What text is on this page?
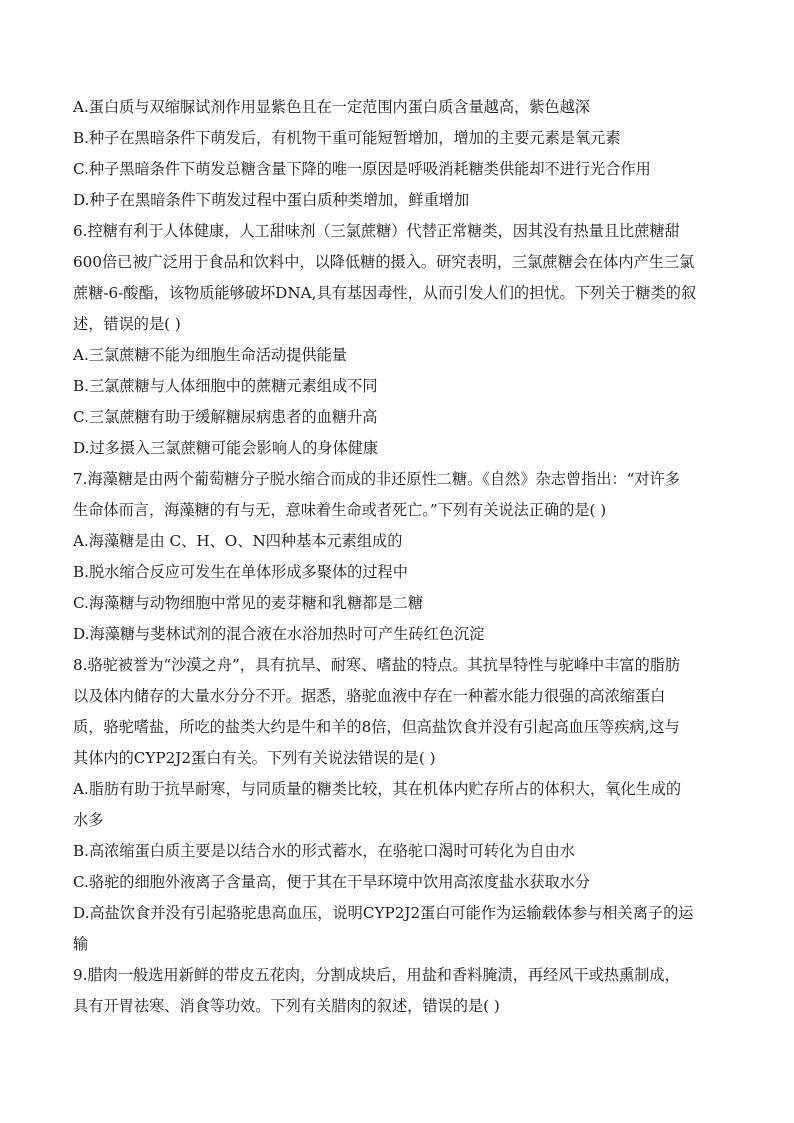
A.蛋白质与双缩脲试剂作用显紫色且在一定范围内蛋白质含量越高，紫色越深
B.种子在黑暗条件下萌发后，有机物干重可能短暂增加，增加的主要元素是氧元素
C.种子黑暗条件下萌发总糖含量下降的唯一原因是呼吸消耗糖类供能却不进行光合作用
D.种子在黑暗条件下萌发过程中蛋白质种类增加，鲜重增加
6.控糖有利于人体健康，人工甜味剂（三氯蔗糖）代替正常糖类，因其没有热量且比蔗糖甜
600倍已被广泛用于食品和饮料中，以降低糖的摄入。研究表明，三氯蔗糖会在体内产生三氯
蔗糖-6-酸酯，该物质能够破坏DNA,具有基因毒性，从而引发人们的担忧。下列关于糖类的叙
述，错误的是( )
A.三氯蔗糖不能为细胞生命活动提供能量
B.三氯蔗糖与人体细胞中的蔗糖元素组成不同
C.三氯蔗糖有助于缓解糖尿病患者的血糖升高
D.过多摄入三氯蔗糖可能会影响人的身体健康
7.海藻糖是由两个葡萄糖分子脱水缩合而成的非还原性二糖。《自然》杂志曾指出：“对许多
生命体而言，海藻糖的有与无，意味着生命或者死亡。”下列有关说法正确的是( )
A.海藻糖是由 C、H、O、N四种基本元素组成的
B.脱水缩合反应可发生在单体形成多聚体的过程中
C.海藻糖与动物细胞中常见的麦芽糖和乳糖都是二糖
D.海藻糖与斐林试剂的混合液在水浴加热时可产生砖红色沉淀
8.骆驼被誉为“沙漠之舟”，具有抗旱、耐寒、嗜盐的特点。其抗旱特性与驼峰中丰富的脂肪
以及体内储存的大量水分分不开。据悉，骆驼血液中存在一种蓄水能力很强的高浓缩蛋白
质，骆驼嗜盐，所吃的盐类大约是牛和羊的8倍，但高盐饮食并没有引起高血压等疾病,这与
其体内的CYP2J2蛋白有关。下列有关说法错误的是( )
A.脂肪有助于抗旱耐寒，与同质量的糖类比较，其在机体内贮存所占的体积大，氧化生成的
水多
B.高浓缩蛋白质主要是以结合水的形式蓄水，在骆驼口渴时可转化为自由水
C.骆驼的细胞外液离子含量高，便于其在干旱环境中饮用高浓度盐水获取水分
D.高盐饮食并没有引起骆驼患高血压，说明CYP2J2蛋白可能作为运输载体参与相关离子的运
输
9.腊肉一般选用新鲜的带皮五花肉，分割成块后，用盐和香料腌渍，再经风干或热熏制成，
具有开胃祛寒、消食等功效。下列有关腊肉的叙述，错误的是( )
